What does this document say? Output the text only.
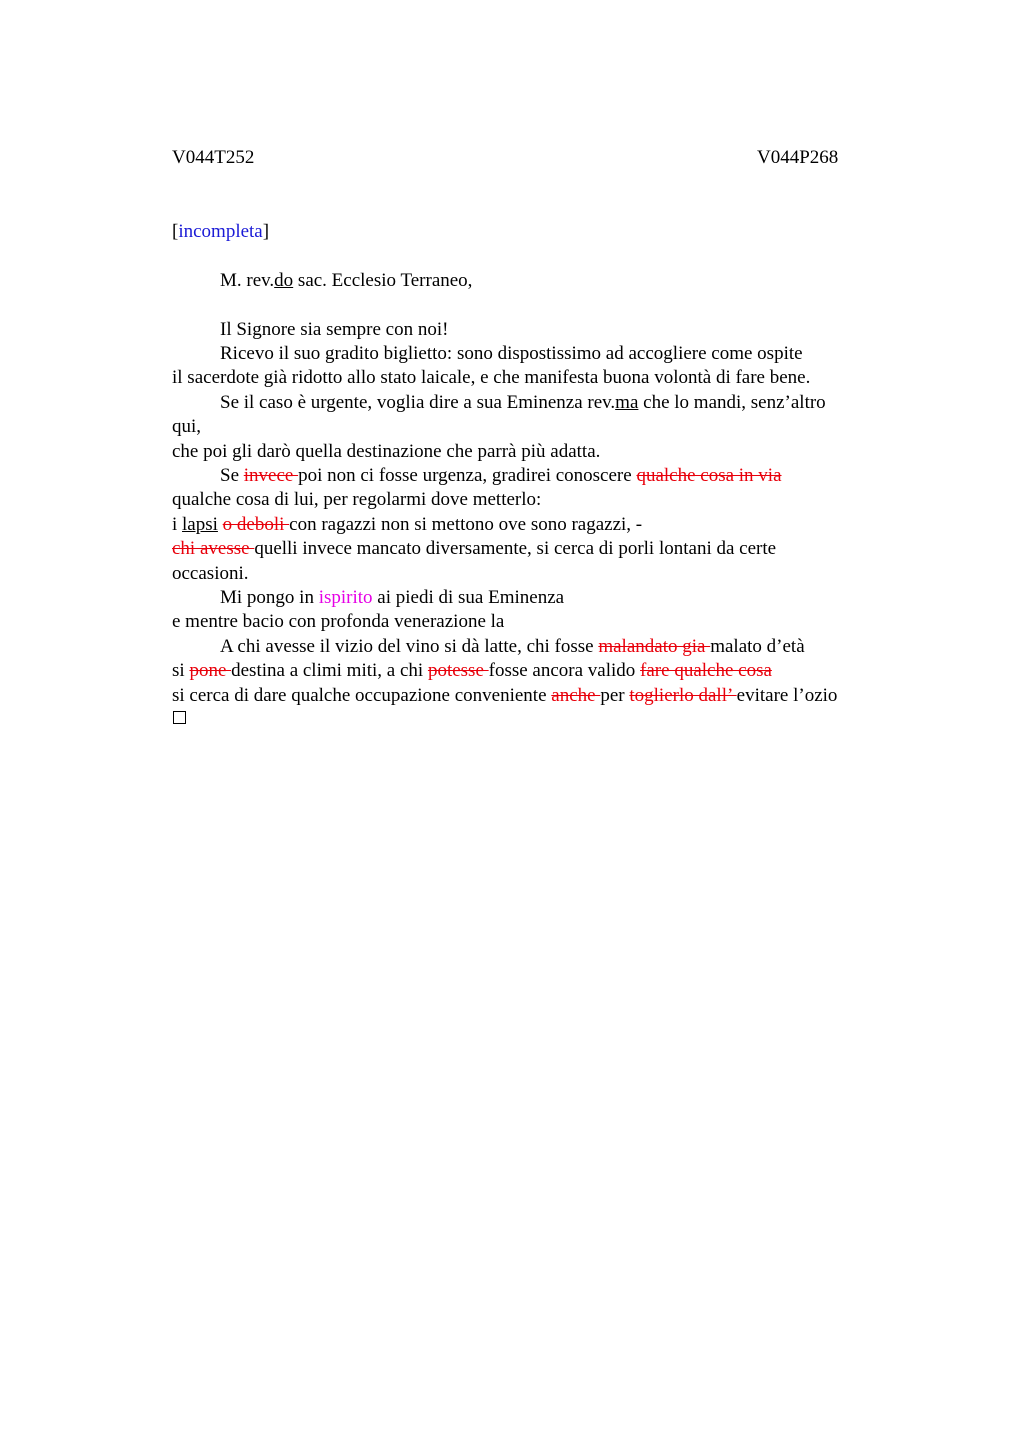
V044T252	V044P268
[incompleta]
M. rev.do sac. Ecclesio Terraneo,
Il Signore sia sempre con noi!
Ricevo il suo gradito biglietto: sono dispostissimo ad accogliere come ospite
il sacerdote già ridotto allo stato laicale, e che manifesta buona volontà di fare bene.
Se il caso è urgente, voglia dire a sua Eminenza rev.ma che lo mandi, senz’altro
qui,
che poi gli darò quella destinazione che parrà più adatta.
Se invece poi non ci fosse urgenza, gradirei conoscere qualche cosa in via
qualche cosa di lui, per regolarmi dove metterlo:
i lapsi o deboli con ragazzi non si mettono ove sono ragazzi, -
chi avesse quelli invece mancato diversamente, si cerca di porli lontani da certe
occasioni.
Mi pongo in ispirito ai piedi di sua Eminenza
e mentre bacio con profonda venerazione la
A chi avesse il vizio del vino si dà latte, chi fosse malandato gia malato d’età
si pone destina a climi miti, a chi potesse fosse ancora valido fare qualche cosa
si cerca di dare qualche occupazione conveniente anche per toglierlo dall’ evitare l’ozio
